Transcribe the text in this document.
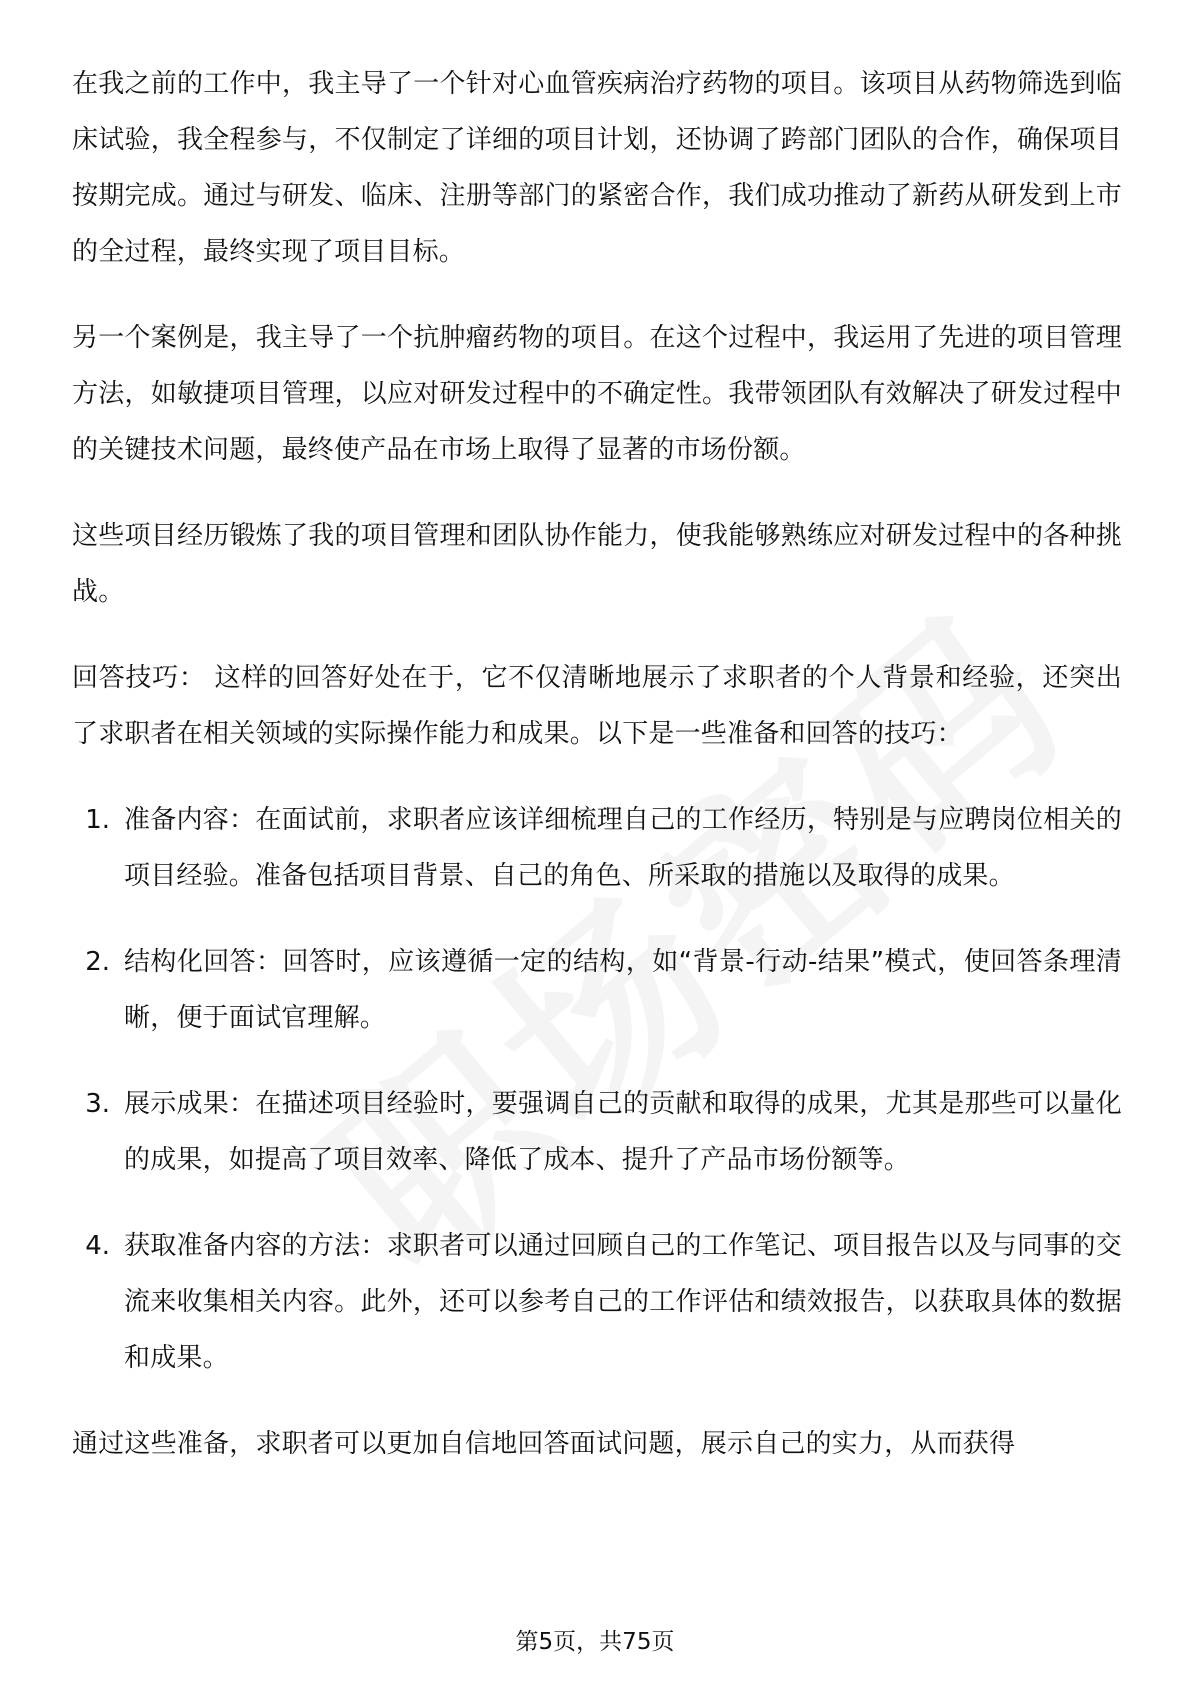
在我之前的工作中，我主导了一个针对心血管疾病治疗药物的项目。该项目从药物筛选到临床试验，我全程参与，不仅制定了详细的项目计划，还协调了跨部门团队的合作，确保项目按期完成。通过与研发、临床、注册等部门的紧密合作，我们成功推动了新药从研发到上市的全过程，最终实现了项目目标。

另一个案例是，我主导了一个抗肿瘤药物的项目。在这个过程中，我运用了先进的项目管理方法，如敏捷项目管理，以应对研发过程中的不确定性。我带领团队有效解决了研发过程中的关键技术问题，最终使产品在市场上取得了显著的市场份额。

这些项目经历锻炼了我的项目管理和团队协作能力，使我能够熟练应对研发过程中的各种挑战。

回答技巧： 这样的回答好处在于，它不仅清晰地展示了求职者的个人背景和经验，还突出了求职者在相关领域的实际操作能力和成果。以下是一些准备和回答的技巧：

1. 准备内容：在面试前，求职者应该详细梳理自己的工作经历，特别是与应聘岗位相关的项目经验。准备包括项目背景、自己的角色、所采取的措施以及取得的成果。
2. 结构化回答：回答时，应该遵循一定的结构，如“背景-行动-结果”模式，使回答条理清晰，便于面试官理解。
3. 展示成果：在描述项目经验时，要强调自己的贡献和取得的成果，尤其是那些可以量化的成果，如提高了项目效率、降低了成本、提升了产品市场份额等。
4. 获取准备内容的方法：求职者可以通过回顾自己的工作笔记、项目报告以及与同事的交流来收集相关内容。此外，还可以参考自己的工作评估和绩效报告，以获取具体的数据和成果。

通过这些准备，求职者可以更加自信地回答面试问题，展示自己的实力，从而获得

第5页，共75页
